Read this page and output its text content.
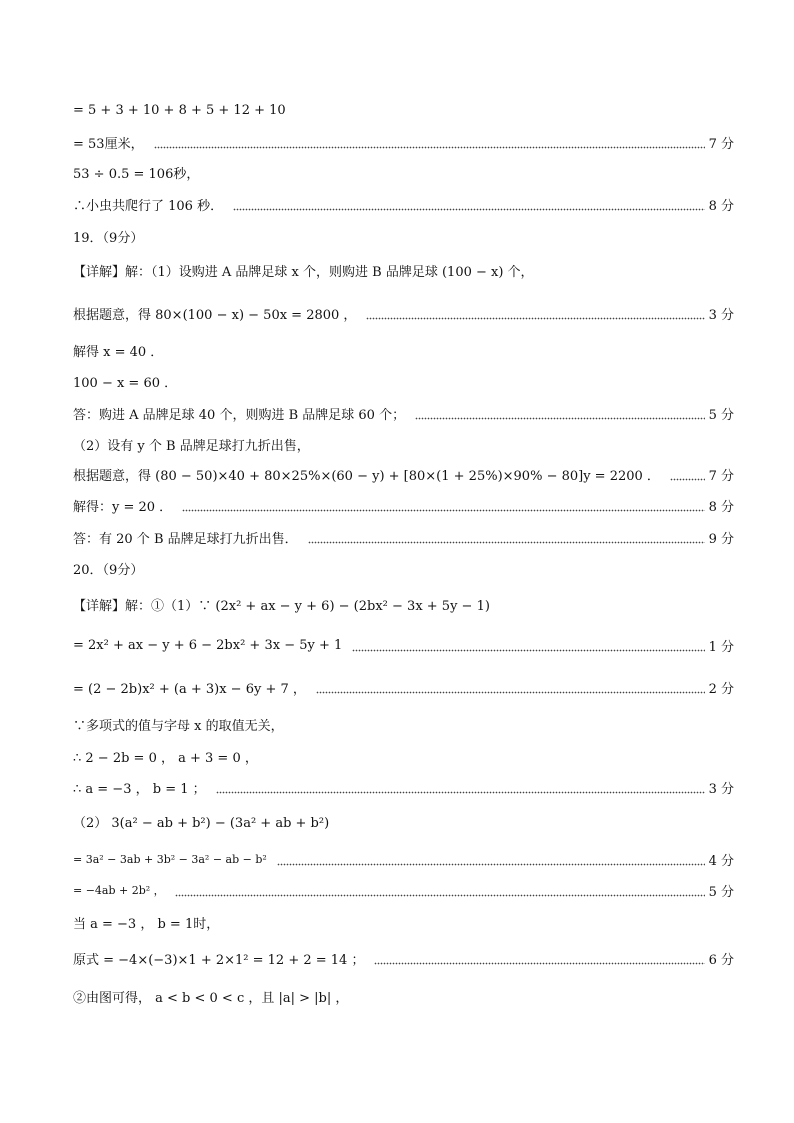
= 5 + 3 + 10 + 8 + 5 + 12 + 10
= 53厘米，	7 分
53 ÷ 0.5 = 106秒，
∴小虫共爬行了 106 秒．	8 分
19．（9分）
【详解】解：（1）设购进 A 品牌足球 x 个，则购进 B 品牌足球 (100 − x) 个，
根据题意，得 80×(100 − x) − 50x = 2800 ，	3 分
解得 x = 40 ．
100 − x = 60 ．
答：购进 A 品牌足球 40 个，则购进 B 品牌足球 60 个；	5 分
（2）设有 y 个 B 品牌足球打九折出售，
根据题意，得 (80 − 50)×40 + 80×25%×(60 − y) + [80×(1 + 25%)×90% − 80]y = 2200 ．	7 分
解得：y = 20 ．	8 分
答：有 20 个 B 品牌足球打九折出售．	9 分
20．（9分）
【详解】解：①（1）∵ (2x² + ax − y + 6) − (2bx² − 3x + 5y − 1)
= 2x² + ax − y + 6 − 2bx² + 3x − 5y + 1	1 分
= (2 − 2b)x² + (a + 3)x − 6y + 7 ，	2 分
∵多项式的值与字母 x 的取值无关，
∴ 2 − 2b = 0 ， a + 3 = 0 ，
∴ a = −3 ， b = 1 ；	3 分
（2） 3(a² − ab + b²) − (3a² + ab + b²)
= 3a² − 3ab + 3b² − 3a² − ab − b²	4 分
= −4ab + 2b² ，	5 分
当 a = −3 ， b = 1时，
原式 = −4×(−3)×1 + 2×1² = 12 + 2 = 14 ；	6 分
②由图可得， a < b < 0 < c ，且 |a| > |b| ，
